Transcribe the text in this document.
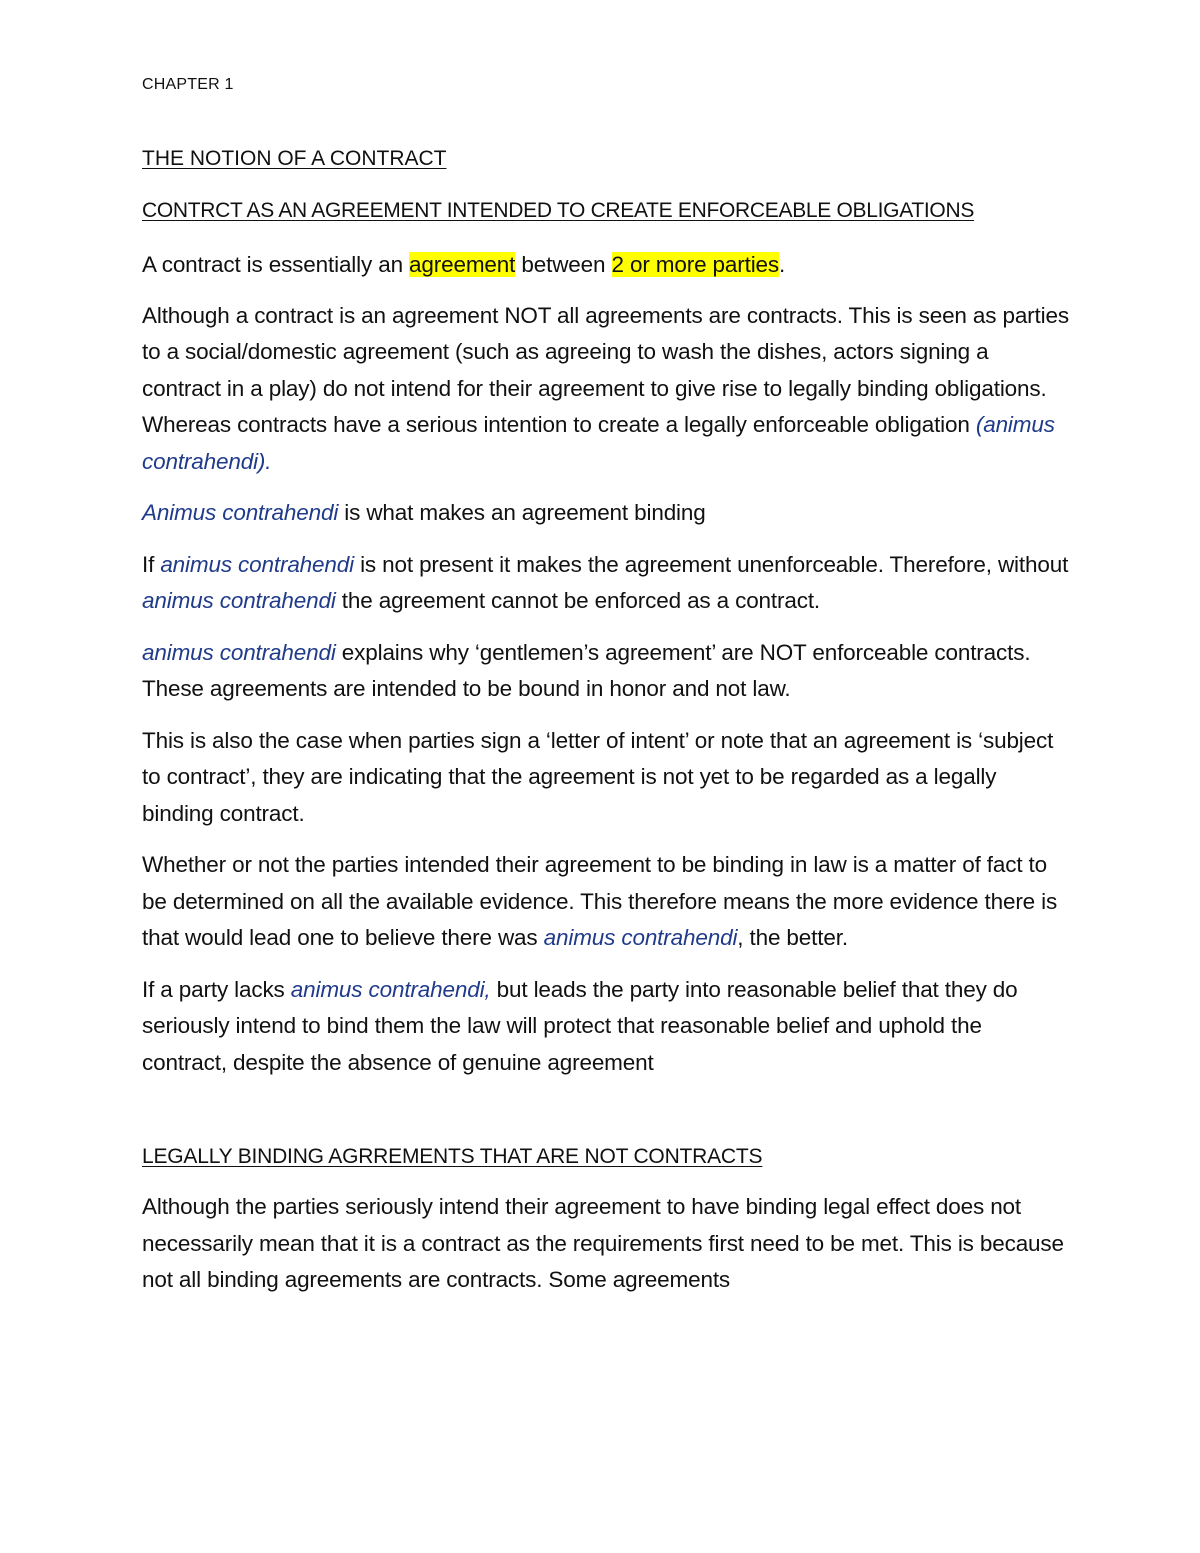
CHAPTER 1
THE NOTION OF A CONTRACT
CONTRCT AS AN AGREEMENT INTENDED TO CREATE ENFORCEABLE OBLIGATIONS

A contract is essentially an agreement between 2 or more parties.

Although a contract is an agreement NOT all agreements are contracts. This is seen as parties to a social/domestic agreement (such as agreeing to wash the dishes, actors signing a contract in a play) do not intend for their agreement to give rise to legally binding obligations. Whereas contracts have a serious intention to create a legally enforceable obligation (animus contrahendi).

Animus contrahendi is what makes an agreement binding

If animus contrahendi is not present it makes the agreement unenforceable. Therefore, without animus contrahendi the agreement cannot be enforced as a contract.

animus contrahendi explains why ‘gentlemen’s agreement’ are NOT enforceable contracts. These agreements are intended to be bound in honor and not law.

This is also the case when parties sign a ‘letter of intent’ or note that an agreement is ‘subject to contract’, they are indicating that the agreement is not yet to be regarded as a legally binding contract.

Whether or not the parties intended their agreement to be binding in law is a matter of fact to be determined on all the available evidence. This therefore means the more evidence there is that would lead one to believe there was animus contrahendi, the better.

If a party lacks animus contrahendi, but leads the party into reasonable belief that they do seriously intend to bind them the law will protect that reasonable belief and uphold the contract, despite the absence of genuine agreement

LEGALLY BINDING AGRREMENTS THAT ARE NOT CONTRACTS

Although the parties seriously intend their agreement to have binding legal effect does not necessarily mean that it is a contract as the requirements first need to be met. This is because not all binding agreements are contracts. Some agreements
